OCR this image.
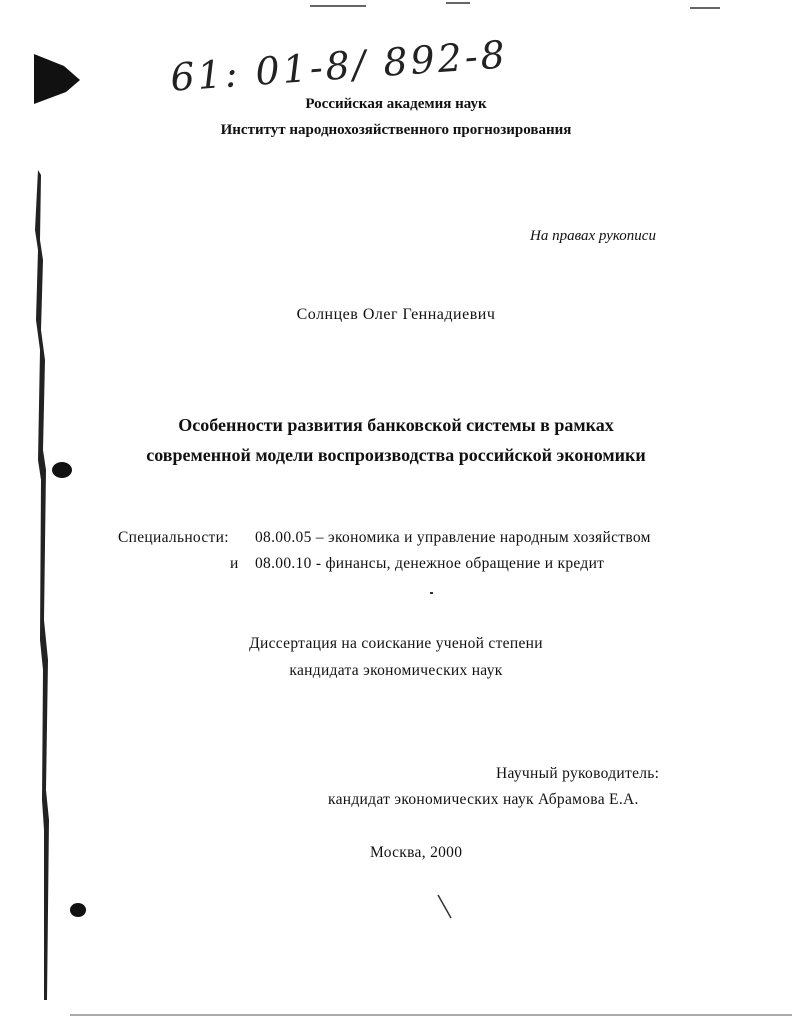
61: 01-8/ 892-8
Российская академия наук
Институт народнохозяйственного прогнозирования
На правах рукописи
Солнцев Олег Геннадиевич
Особенности развития банковской системы в рамках
современной модели воспроизводства российской экономики
Специальности: 08.00.05 – экономика и управление народным хозяйством
и 08.00.10 - финансы, денежное обращение и кредит
Диссертация на соискание ученой степени
кандидата экономических наук
Научный руководитель:
кандидат экономических наук Абрамова Е.А.
Москва, 2000
